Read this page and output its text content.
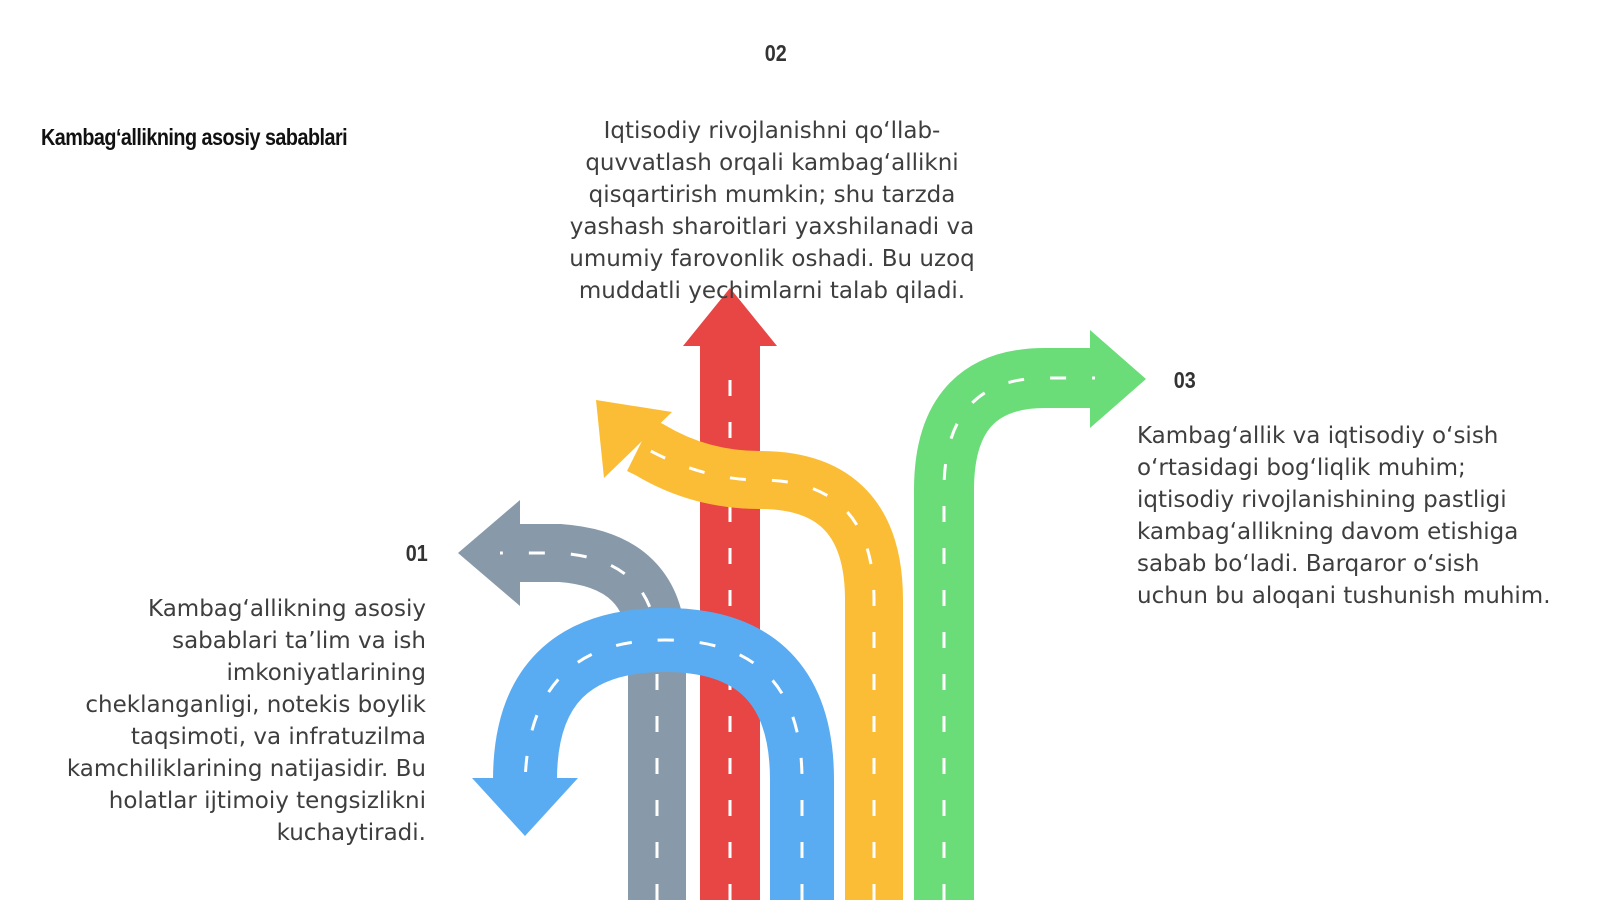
Kambag‘allikning asosiy sabablari
01
Kambag‘allikning asosiy sabablari ta’lim va ish imkoniyatlarining cheklanganligi, notekis boylik taqsimoti, va infratuzilma kamchiliklarining natijasidir. Bu holatlar ijtimoiy tengsizlikni kuchaytiradi.
02
Iqtisodiy rivojlanishni qo‘llab-quvvatlash orqali kambag‘allikni qisqartirish mumkin; shu tarzda yashash sharoitlari yaxshilanadi va umumiy farovonlik oshadi. Bu uzoq muddatli yechimlarni talab qiladi.
03
Kambag‘allik va iqtisodiy o‘sish o‘rtasidagi bog‘liqlik muhim; iqtisodiy rivojlanishining pastligi kambag‘allikning davom etishiga sabab bo‘ladi. Barqaror o‘sish uchun bu aloqani tushunish muhim.
